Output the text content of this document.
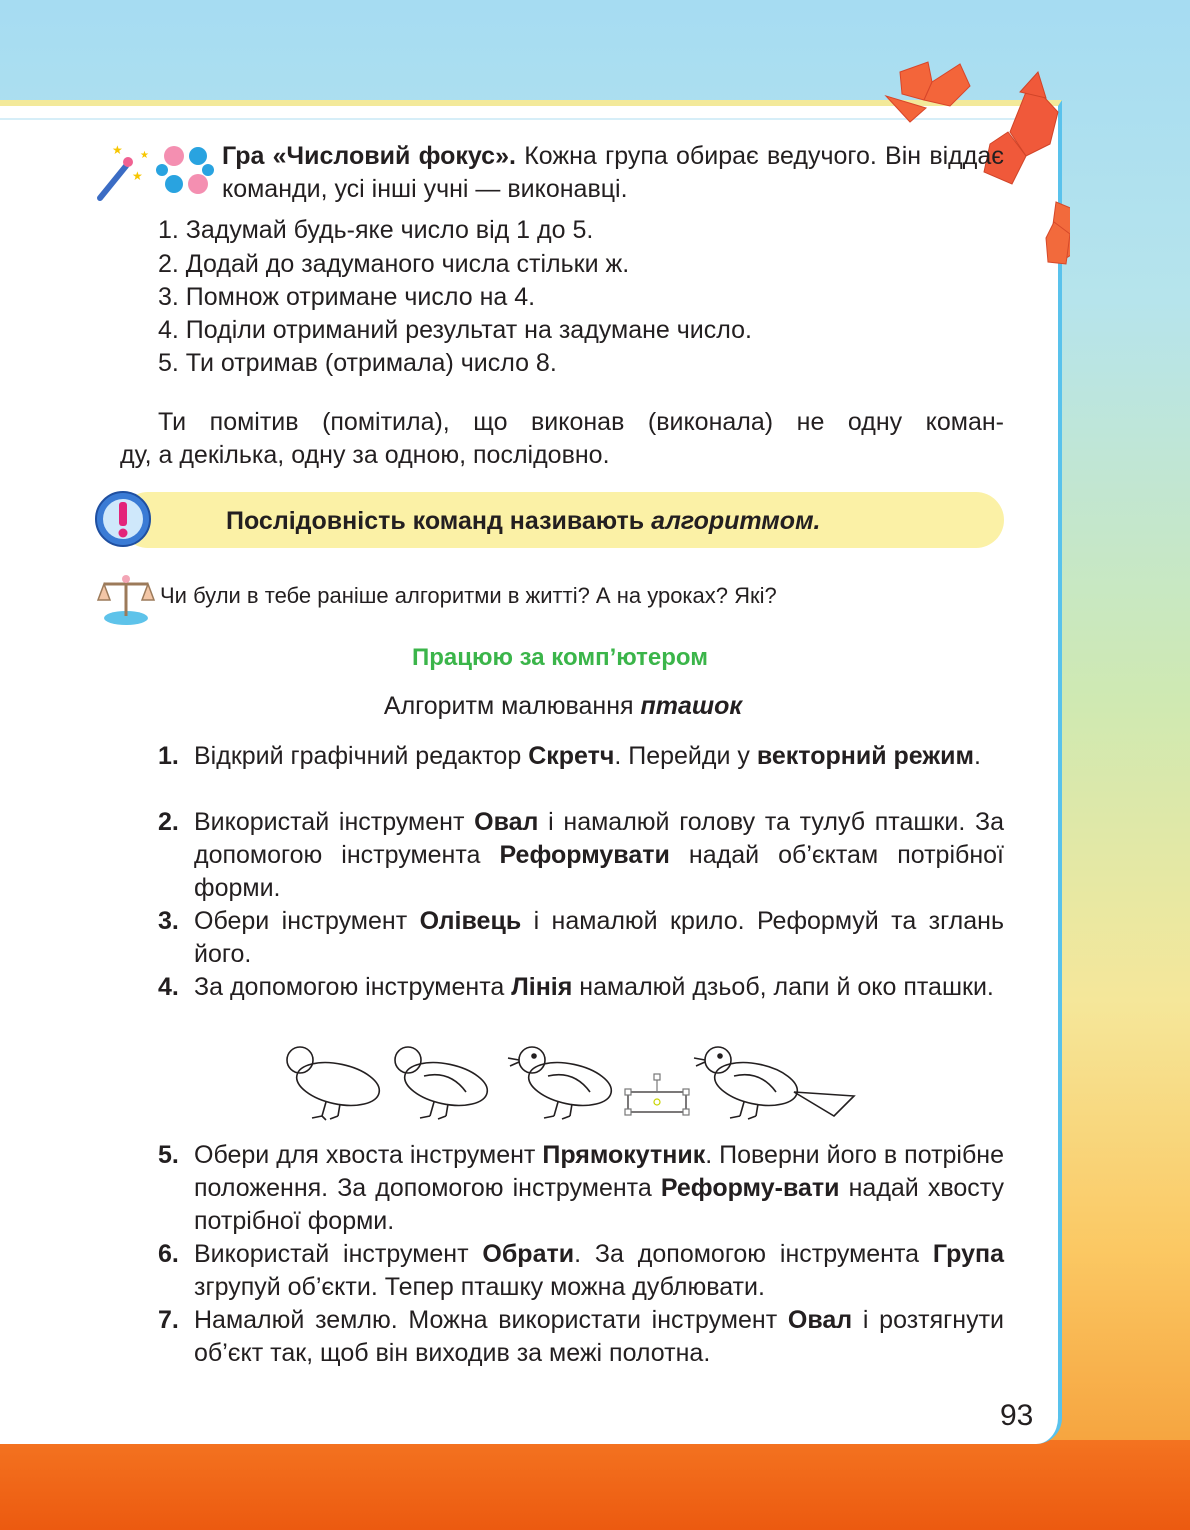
★
★
★	Гра «Числовий фокус». Кожна група обирає ведучого. Він віддає
команди, усі інші учні — виконавці.
1. Задумай будь-яке число від 1 до 5.
2. Додай до задуманого числа стільки ж.
3. Помнож отримане число на 4.
4. Поділи отриманий результат на задумане число.
5. Ти отримав (отримала) число 8.
Ти помітив (помітила), що виконав (виконала) не одну коман-
ду, а декілька, одну за одною, послідовно.
Послідовність команд називають алгоритмом.
Чи були в тебе раніше алгоритми в житті? А на уроках? Які?
Працюю за комп’ютером
Алгоритм малювання пташок
1. Відкрий графічний редактор Скретч. Перейди у векторний режим.
2. Використай інструмент Овал і намалюй голову та тулуб пташки. За допомогою інструмента Реформувати надай об’єктам потрібної форми.
3. Обери інструмент Олівець і намалюй крило. Реформуй та зглань його.
4. За допомогою інструмента Лінія намалюй дзьоб, лапи й око пташки.
5. Обери для хвоста інструмент Прямокутник. Поверни його в потрібне положення. За допомогою інструмента Реформу-вати надай хвосту потрібної форми.
6. Використай інструмент Обрати. За допомогою інструмента Група згрупуй об’єкти. Тепер пташку можна дублювати.
7. Намалюй землю. Можна використати інструмент Овал і розтягнути об’єкт так, щоб він виходив за межі полотна.
93
